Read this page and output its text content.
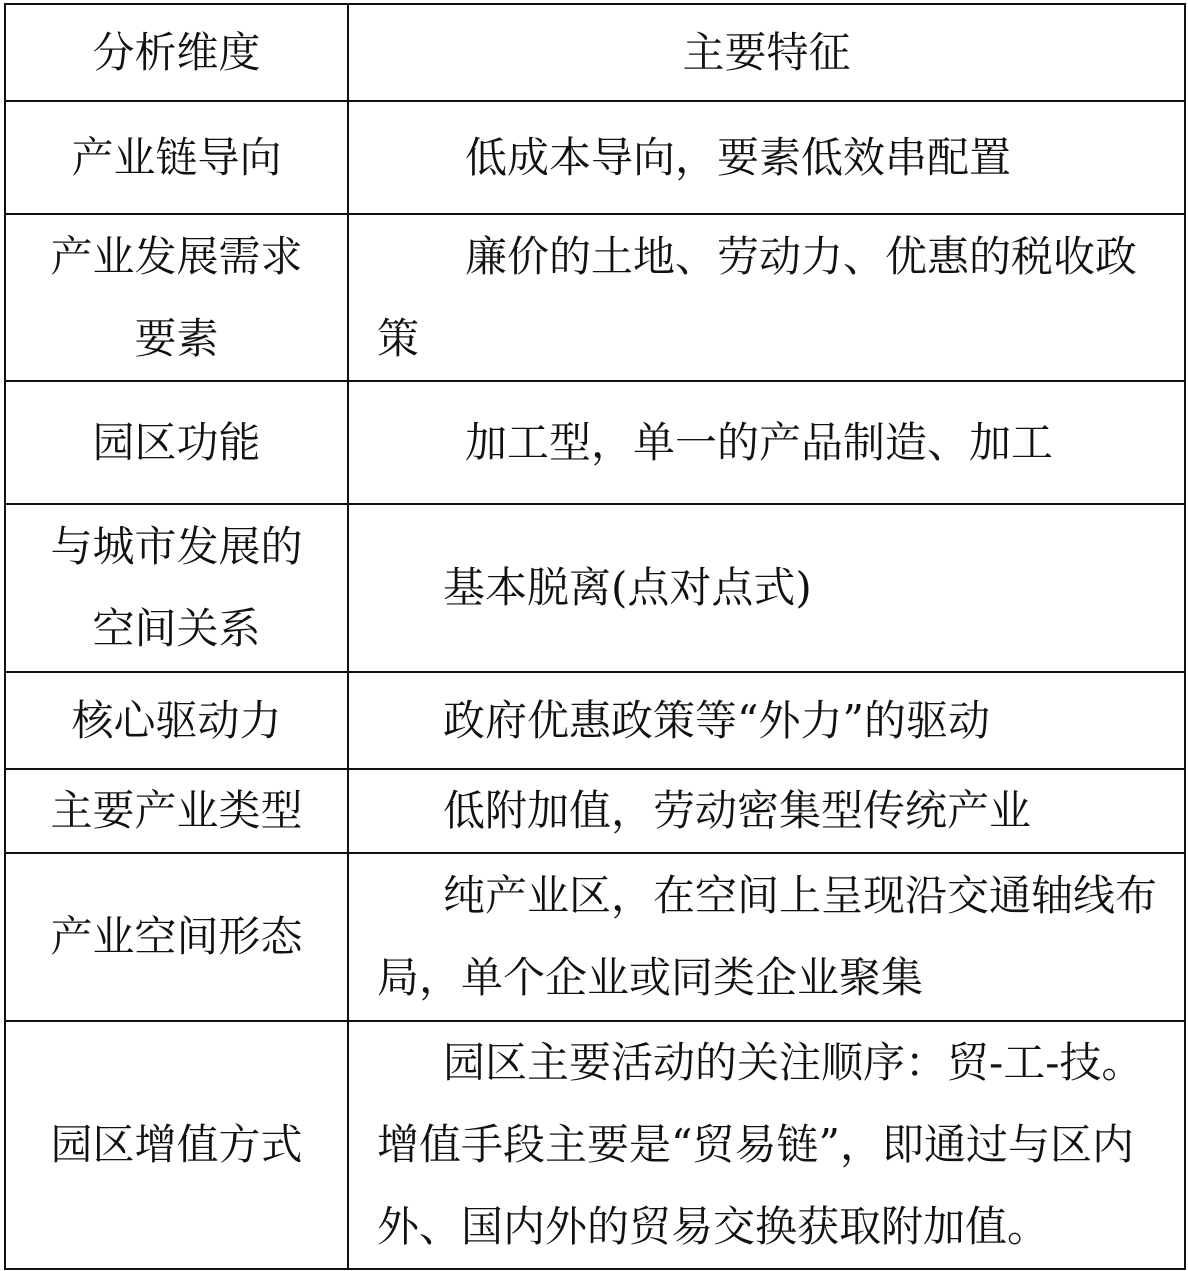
分析维度	主要特征
产业链导向	低成本导向，要素低效串配置
产业发展需求要素	廉价的土地、劳动力、优惠的税收政策
园区功能	加工型，单一的产品制造、加工
与城市发展的空间关系	基本脱离(点对点式)
核心驱动力	政府优惠政策等“外力”的驱动
主要产业类型	低附加值，劳动密集型传统产业
产业空间形态	纯产业区，在空间上呈现沿交通轴线布局，单个企业或同类企业聚集
园区增值方式	园区主要活动的关注顺序：贸-工-技。增值手段主要是“贸易链”，即通过与区内外、国内外的贸易交换获取附加值。
